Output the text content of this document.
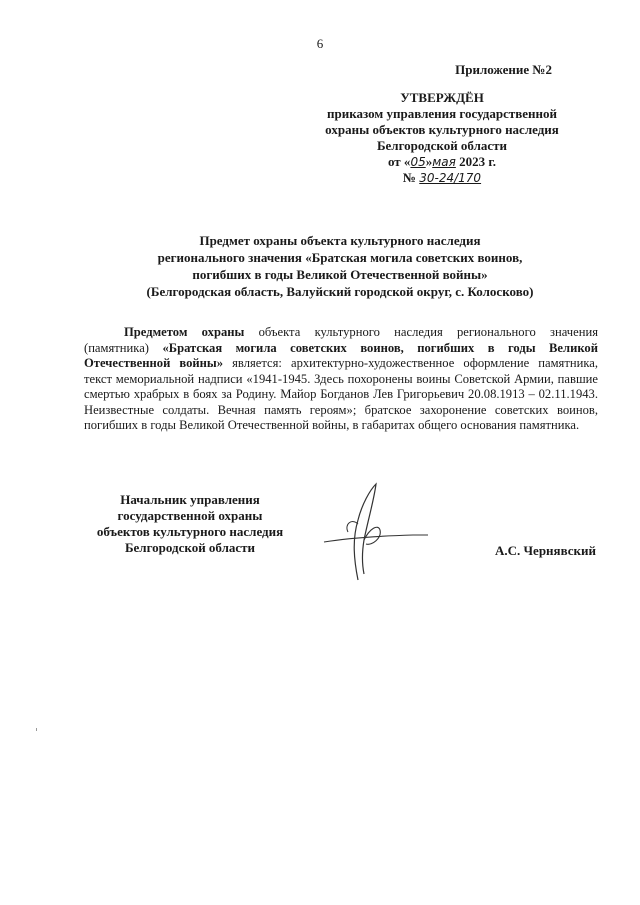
6
Приложение №2
УТВЕРЖДЁН
приказом управления государственной
охраны объектов культурного наследия
Белгородской области
от «05»мая 2023 г.
№ 30-24/170
Предмет охраны объекта культурного наследия
регионального значения «Братская могила советских воинов,
погибших в годы Великой Отечественной войны»
(Белгородская область, Валуйский городской округ, с. Колосково)
Предметом охраны объекта культурного наследия регионального значения (памятника) «Братская могила советских воинов, погибших в годы Великой Отечественной войны» является: архитектурно-художественное оформление памятника, текст мемориальной надписи «1941-1945. Здесь похоронены воины Советской Армии, павшие смертью храбрых в боях за Родину. Майор Богданов Лев Григорьевич 20.08.1913 – 02.11.1943. Неизвестные солдаты. Вечная память героям»; братское захоронение советских воинов, погибших в годы Великой Отечественной войны, в габаритах общего основания памятника.
Начальник управления
государственной охраны
объектов культурного наследия
Белгородской области	А.С. Чернявский
